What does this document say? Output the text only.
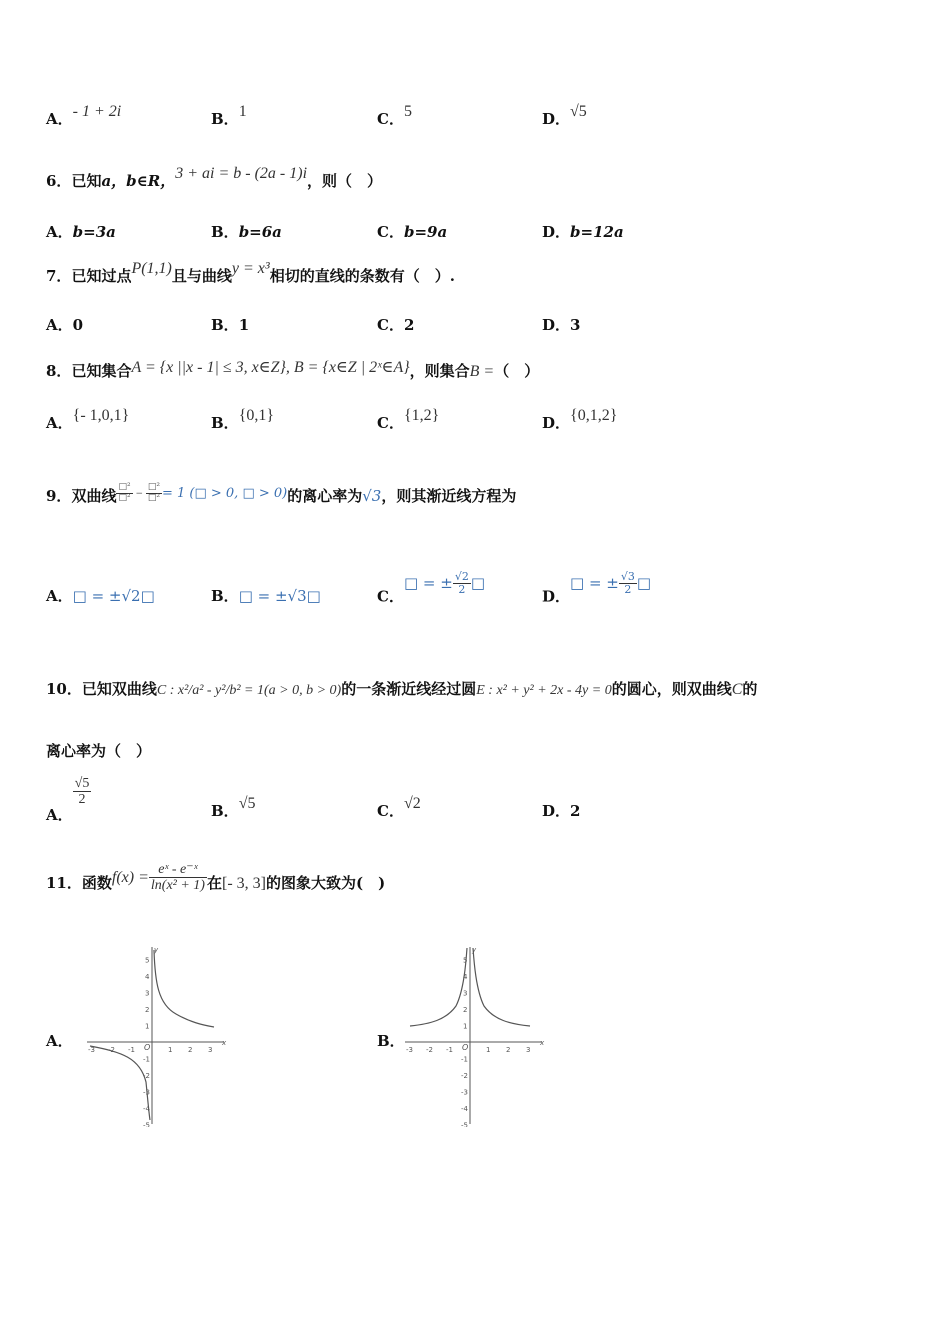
A．- 1 + 2i	B．1	C．5	D．√5
6．已知a，b∈R，3 + ai = b - (2a - 1)i，则（　）
A．b=3a	B．b=6a	C．b=9a	D．b=12a
7．已知过点P(1,1)且与曲线y = x³相切的直线的条数有（　）.
A．0	B．1	C．2	D．3
8．已知集合A = {x ||x - 1| ≤ 3, x∈Z}, B = {x∈Z | 2ˣ∈A}，则集合B =（　）
A．{- 1,0,1}	B．{0,1}	C．{1,2}	D．{0,1,2}
9．双曲线 $\frac{\text{□²}}{\text{□²}} - \frac{\text{□²}}{\text{□²}} = 1$ (□ > 0, □ > 0)的离心率为√3，则其渐近线方程为
A．□ = ±√2□	B．□ = ±√3□	C．□ = ± $\frac{√2}{2}$ □
D．□ = ± $\frac{√3}{2}$ □
10．已知双曲线C : x²/a² - y²/b² = 1(a > 0, b > 0)的一条渐近线经过圆E : x² + y² + 2x - 4y = 0的圆心，则双曲线C的
离心率为（　）
A．
$\frac{√5}{2}$
B．√5	C．√2	D．2
11．函数$f(x) = \frac{\text{eˣ - e⁻ˣ}}{\text{ln(x² + 1)}}$ 在[- 3, 3]的图象大致为(　)
A．	B．
-3 -2 -1	1 2 3
5
4
3
2
1
-1
-2
-3
-4
-5
O	x
y
-3 -2 -1	1 2 3
5
4
3
2
1
-1
-2
-3
-4
-5
O	x
y
